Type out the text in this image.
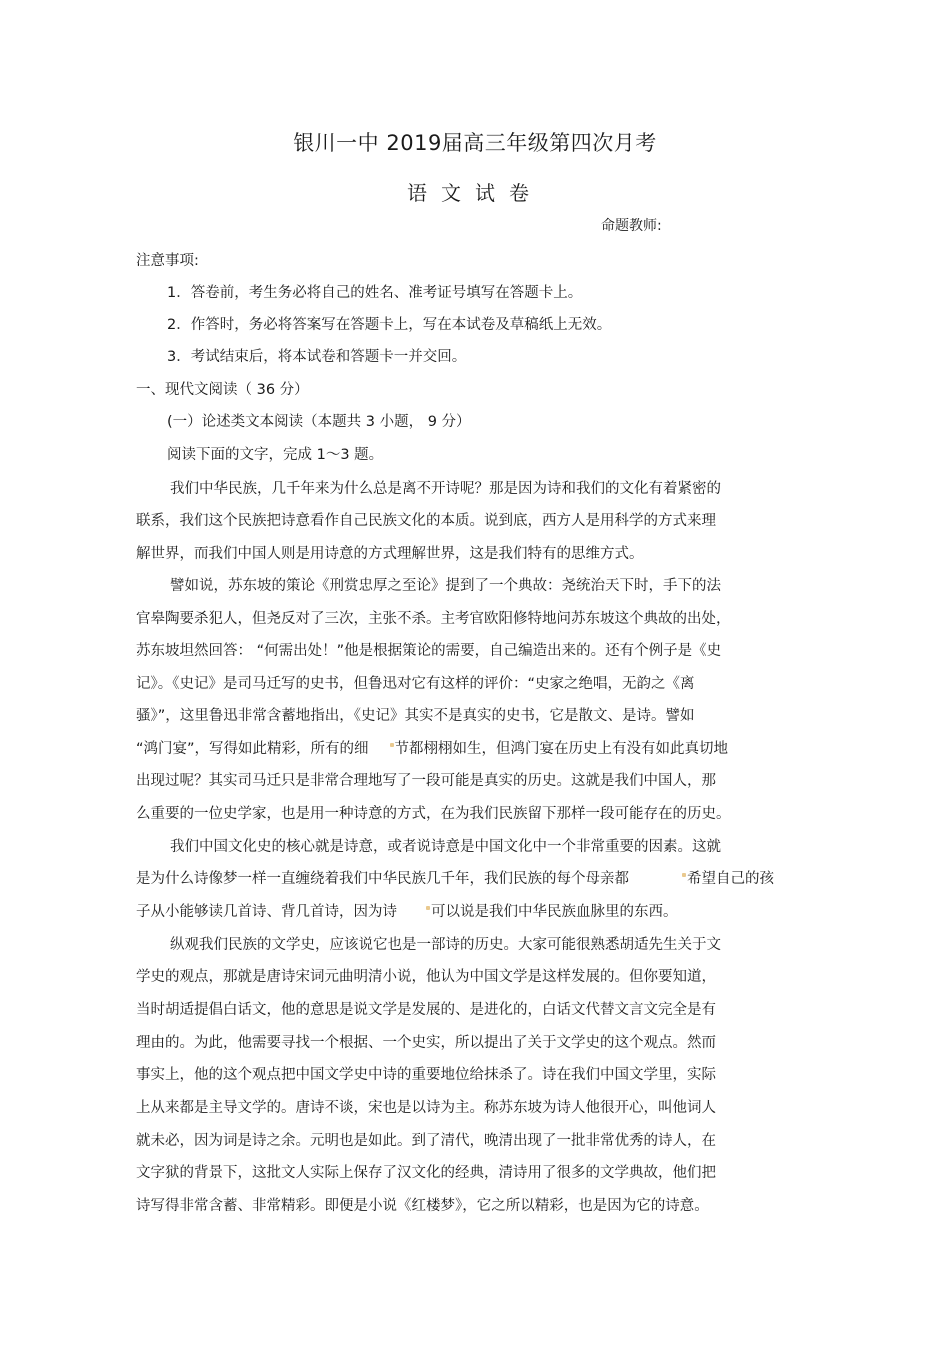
银川一中 2019届高三年级第四次月考
语文试卷
命题教师:
注意事项:
1．答卷前，考生务必将自己的姓名、准考证号填写在答题卡上。
2．作答时，务必将答案写在答题卡上，写在本试卷及草稿纸上无效。
3．考试结束后，将本试卷和答题卡一并交回。
一、现代文阅读（ 36 分）
(一）论述类文本阅读（本题共 3 小题， 9 分）
阅读下面的文字，完成 1～3 题。
我们中华民族，几千年来为什么总是离不开诗呢？那是因为诗和我们的文化有着紧密的
联系，我们这个民族把诗意看作自己民族文化的本质。说到底，西方人是用科学的方式来理
解世界，而我们中国人则是用诗意的方式理解世界，这是我们特有的思维方式。
譬如说，苏东坡的策论《刑赏忠厚之至论》提到了一个典故：尧统治天下时，手下的法
官皋陶要杀犯人，但尧反对了三次，主张不杀。主考官欧阳修特地问苏东坡这个典故的出处，
苏东坡坦然回答： “何需出处！”他是根据策论的需要，自己编造出来的。还有个例子是《史
记》。《史记》是司马迁写的史书，但鲁迅对它有这样的评价：“史家之绝唱，无韵之《离
骚》”，这里鲁迅非常含蓄地指出，《史记》其实不是真实的史书，它是散文、是诗。譬如
“鸿门宴”，写得如此精彩，所有的细 节都栩栩如生，但鸿门宴在历史上有没有如此真切地
出现过呢？其实司马迁只是非常合理地写了一段可能是真实的历史。这就是我们中国人，那
么重要的一位史学家，也是用一种诗意的方式，在为我们民族留下那样一段可能存在的历史。
我们中国文化史的核心就是诗意，或者说诗意是中国文化中一个非常重要的因素。这就
是为什么诗像梦一样一直缠绕着我们中华民族几千年，我们民族的每个母亲都	希望自己的孩
子从小能够读几首诗、背几首诗，因为诗 可以说是我们中华民族血脉里的东西。
纵观我们民族的文学史，应该说它也是一部诗的历史。大家可能很熟悉胡适先生关于文
学史的观点，那就是唐诗宋词元曲明清小说，他认为中国文学是这样发展的。但你要知道，
当时胡适提倡白话文，他的意思是说文学是发展的、是进化的，白话文代替文言文完全是有
理由的。为此，他需要寻找一个根据、一个史实，所以提出了关于文学史的这个观点。然而
事实上，他的这个观点把中国文学史中诗的重要地位给抹杀了。诗在我们中国文学里，实际
上从来都是主导文学的。唐诗不谈，宋也是以诗为主。称苏东坡为诗人他很开心，叫他词人
就未必，因为词是诗之余。元明也是如此。到了清代，晚清出现了一批非常优秀的诗人，在
文字狱的背景下，这批文人实际上保存了汉文化的经典，清诗用了很多的文学典故，他们把
诗写得非常含蓄、非常精彩。即便是小说《红楼梦》，它之所以精彩，也是因为它的诗意。
